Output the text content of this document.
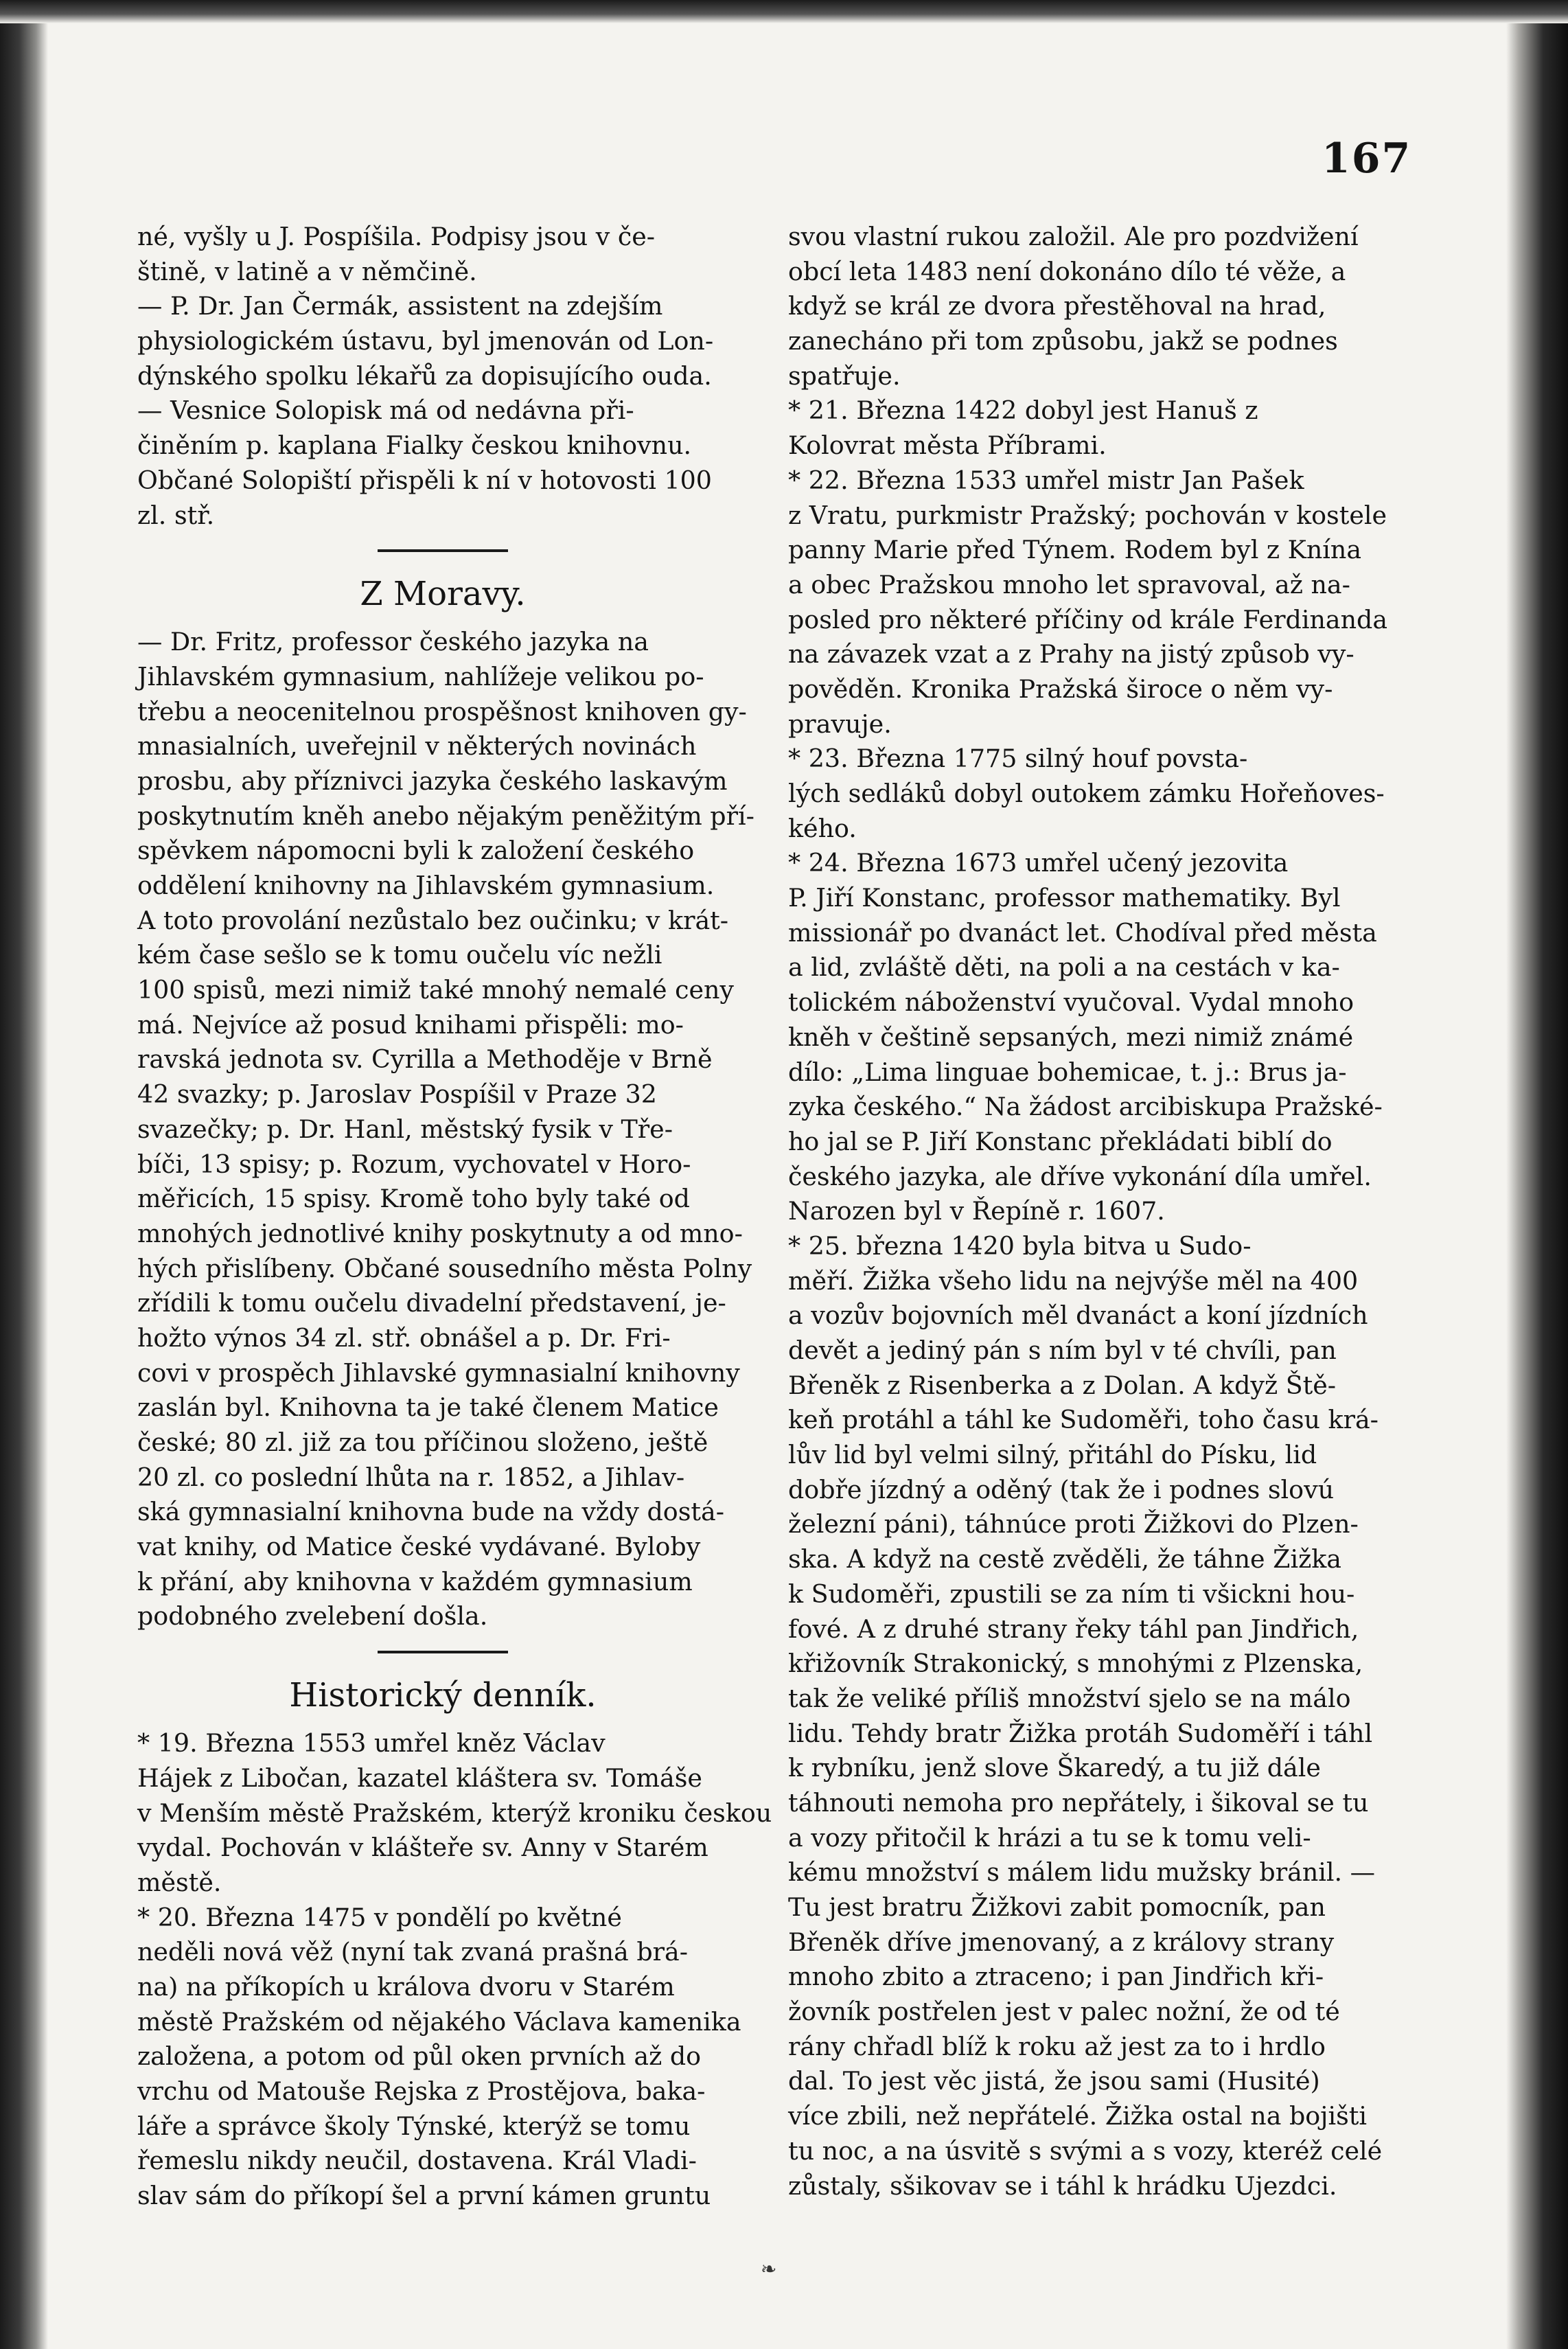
167
né, vyšly u J. Pospíšila. Podpisy jsou v če-
štině, v latině a v němčině.
— P. Dr. Jan Čermák, assistent na zdejším
physiologickém ústavu, byl jmenován od Lon-
dýnského spolku lékařů za dopisujícího ouda.
— Vesnice Solopisk má od nedávna při-
činěním p. kaplana Fialky českou knihovnu.
Občané Solopiští přispěli k ní v hotovosti 100
zl. stř.
Z Moravy.
— Dr. Fritz, professor českého jazyka na
Jihlavském gymnasium, nahlížeje velikou po-
třebu a neocenitelnou prospěšnost knihoven gy-
mnasialních, uveřejnil v některých novinách
prosbu, aby příznivci jazyka českého laskavým
poskytnutím kněh anebo nějakým peněžitým pří-
spěvkem nápomocni byli k založení českého
oddělení knihovny na Jihlavském gymnasium.
A toto provolání nezůstalo bez oučinku; v krát-
kém čase sešlo se k tomu oučelu víc nežli
100 spisů, mezi nimiž také mnohý nemalé ceny
má. Nejvíce až posud knihami přispěli: mo-
ravská jednota sv. Cyrilla a Methoděje v Brně
42 svazky; p. Jaroslav Pospíšil v Praze 32
svazečky; p. Dr. Hanl, městský fysik v Tře-
bíči, 13 spisy; p. Rozum, vychovatel v Horo-
měřicích, 15 spisy. Kromě toho byly také od
mnohých jednotlivé knihy poskytnuty a od mno-
hých přislíbeny. Občané sousedního města Polny
zřídili k tomu oučelu divadelní představení, je-
hožto výnos 34 zl. stř. obnášel a p. Dr. Fri-
covi v prospěch Jihlavské gymnasialní knihovny
zaslán byl. Knihovna ta je také členem Matice
české; 80 zl. již za tou příčinou složeno, ještě
20 zl. co poslední lhůta na r. 1852, a Jihlav-
ská gymnasialní knihovna bude na vždy dostá-
vat knihy, od Matice české vydávané. Byloby
k přání, aby knihovna v každém gymnasium
podobného zvelebení došla.
Historický denník.
* 19. Března 1553 umřel kněz Václav
Hájek z Libočan, kazatel kláštera sv. Tomáše
v Menším městě Pražském, kterýž kroniku českou
vydal. Pochován v klášteře sv. Anny v Starém
městě.
* 20. Března 1475 v pondělí po květné
neděli nová věž (nyní tak zvaná prašná brá-
na) na příkopích u králova dvoru v Starém
městě Pražském od nějakého Václava kamenika
založena, a potom od půl oken prvních až do
vrchu od Matouše Rejska z Prostějova, baka-
láře a správce školy Týnské, kterýž se tomu
řemeslu nikdy neučil, dostavena. Král Vladi-
slav sám do příkopí šel a první kámen gruntu
svou vlastní rukou založil. Ale pro pozdvižení
obcí leta 1483 není dokonáno dílo té věže, a
když se král ze dvora přestěhoval na hrad,
zanecháno při tom způsobu, jakž se podnes
spatřuje.
* 21. Března 1422 dobyl jest Hanuš z
Kolovrat města Příbrami.
* 22. Března 1533 umřel mistr Jan Pašek
z Vratu, purkmistr Pražský; pochován v kostele
panny Marie před Týnem. Rodem byl z Knína
a obec Pražskou mnoho let spravoval, až na-
posled pro některé příčiny od krále Ferdinanda
na závazek vzat a z Prahy na jistý způsob vy-
pověděn. Kronika Pražská široce o něm vy-
pravuje.
* 23. Března 1775 silný houf povsta-
lých sedláků dobyl outokem zámku Hořeňoves-
kého.
* 24. Března 1673 umřel učený jezovita
P. Jiří Konstanc, professor mathematiky. Byl
missionář po dvanáct let. Chodíval před města
a lid, zvláště děti, na poli a na cestách v ka-
tolickém náboženství vyučoval. Vydal mnoho
kněh v češtině sepsaných, mezi nimiž známé
dílo: „Lima linguae bohemicae, t. j.: Brus ja-
zyka českého.“ Na žádost arcibiskupa Pražské-
ho jal se P. Jiří Konstanc překládati biblí do
českého jazyka, ale dříve vykonání díla umřel.
Narozen byl v Řepíně r. 1607.
* 25. března 1420 byla bitva u Sudo-
měří. Žižka všeho lidu na nejvýše měl na 400
a vozův bojovních měl dvanáct a koní jízdních
devět a jediný pán s ním byl v té chvíli, pan
Břeněk z Risenberka a z Dolan. A když Ště-
keň protáhl a táhl ke Sudoměři, toho času krá-
lův lid byl velmi silný, přitáhl do Písku, lid
dobře jízdný a oděný (tak že i podnes slovú
železní páni), táhnúce proti Žižkovi do Plzen-
ska. A když na cestě zvěděli, že táhne Žižka
k Sudoměři, zpustili se za ním ti všickni hou-
fové. A z druhé strany řeky táhl pan Jindřich,
křižovník Strakonický, s mnohými z Plzenska,
tak že veliké příliš množství sjelo se na málo
lidu. Tehdy bratr Žižka protáh Sudoměří i táhl
k rybníku, jenž slove Škaredý, a tu již dále
táhnouti nemoha pro nepřátely, i šikoval se tu
a vozy přitočil k hrázi a tu se k tomu veli-
kému množství s málem lidu mužsky bránil. —
Tu jest bratru Žižkovi zabit pomocník, pan
Břeněk dříve jmenovaný, a z královy strany
mnoho zbito a ztraceno; i pan Jindřich kři-
žovník postřelen jest v palec nožní, že od té
rány chřadl blíž k roku až jest za to i hrdlo
dal. To jest věc jistá, že jsou sami (Husité)
více zbili, než nepřátelé. Žižka ostal na bojišti
tu noc, a na úsvitě s svými a s vozy, kteréž celé
zůstaly, sšikovav se i táhl k hrádku Ujezdci.
❧
